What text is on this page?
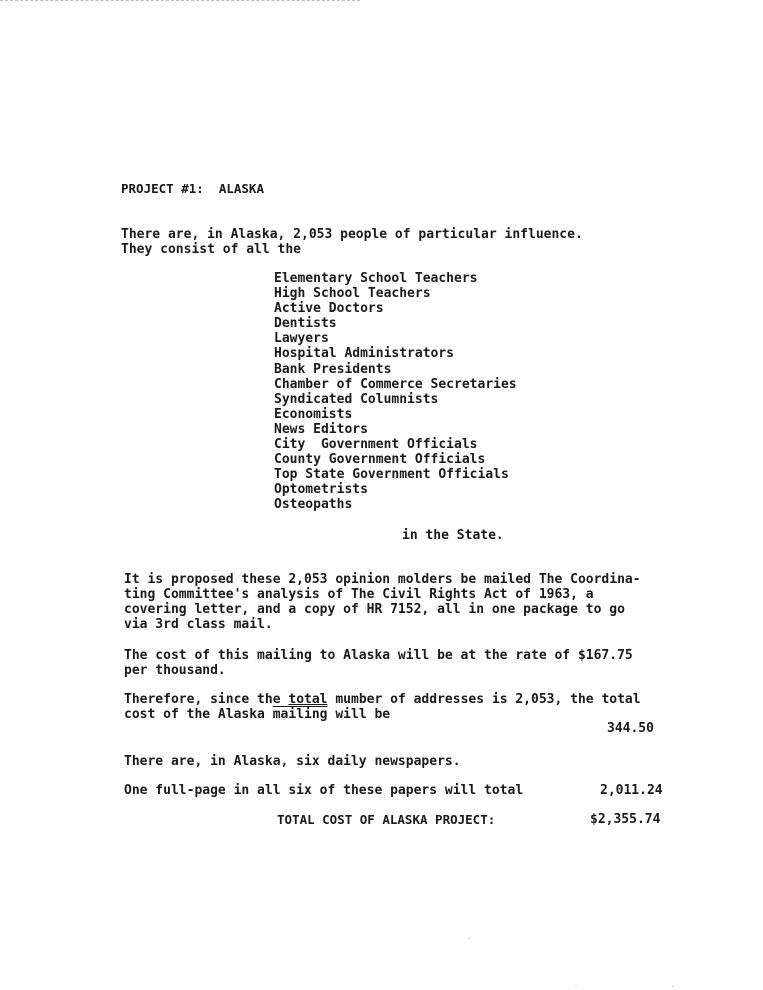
PROJECT #1:  ALASKA
There are, in Alaska, 2,053 people of particular influence.
They consist of all the
Elementary School Teachers
High School Teachers
Active Doctors
Dentists
Lawyers
Hospital Administrators
Bank Presidents
Chamber of Commerce Secretaries
Syndicated Columnists
Economists
News Editors
City  Government Officials
County Government Officials
Top State Government Officials
Optometrists
Osteopaths
in the State.
It is proposed these 2,053 opinion molders be mailed The Coordina-
ting Committee's analysis of The Civil Rights Act of 1963, a
covering letter, and a copy of HR 7152, all in one package to go
via 3rd class mail.
The cost of this mailing to Alaska will be at the rate of $167.75
per thousand.
Therefore, since the total mumber of addresses is 2,053, the total
cost of the Alaska mailing will be
344.50
There are, in Alaska, six daily newspapers.
One full-page in all six of these papers will total	2,011.24
TOTAL COST OF ALASKA PROJECT:	$2,355.74
